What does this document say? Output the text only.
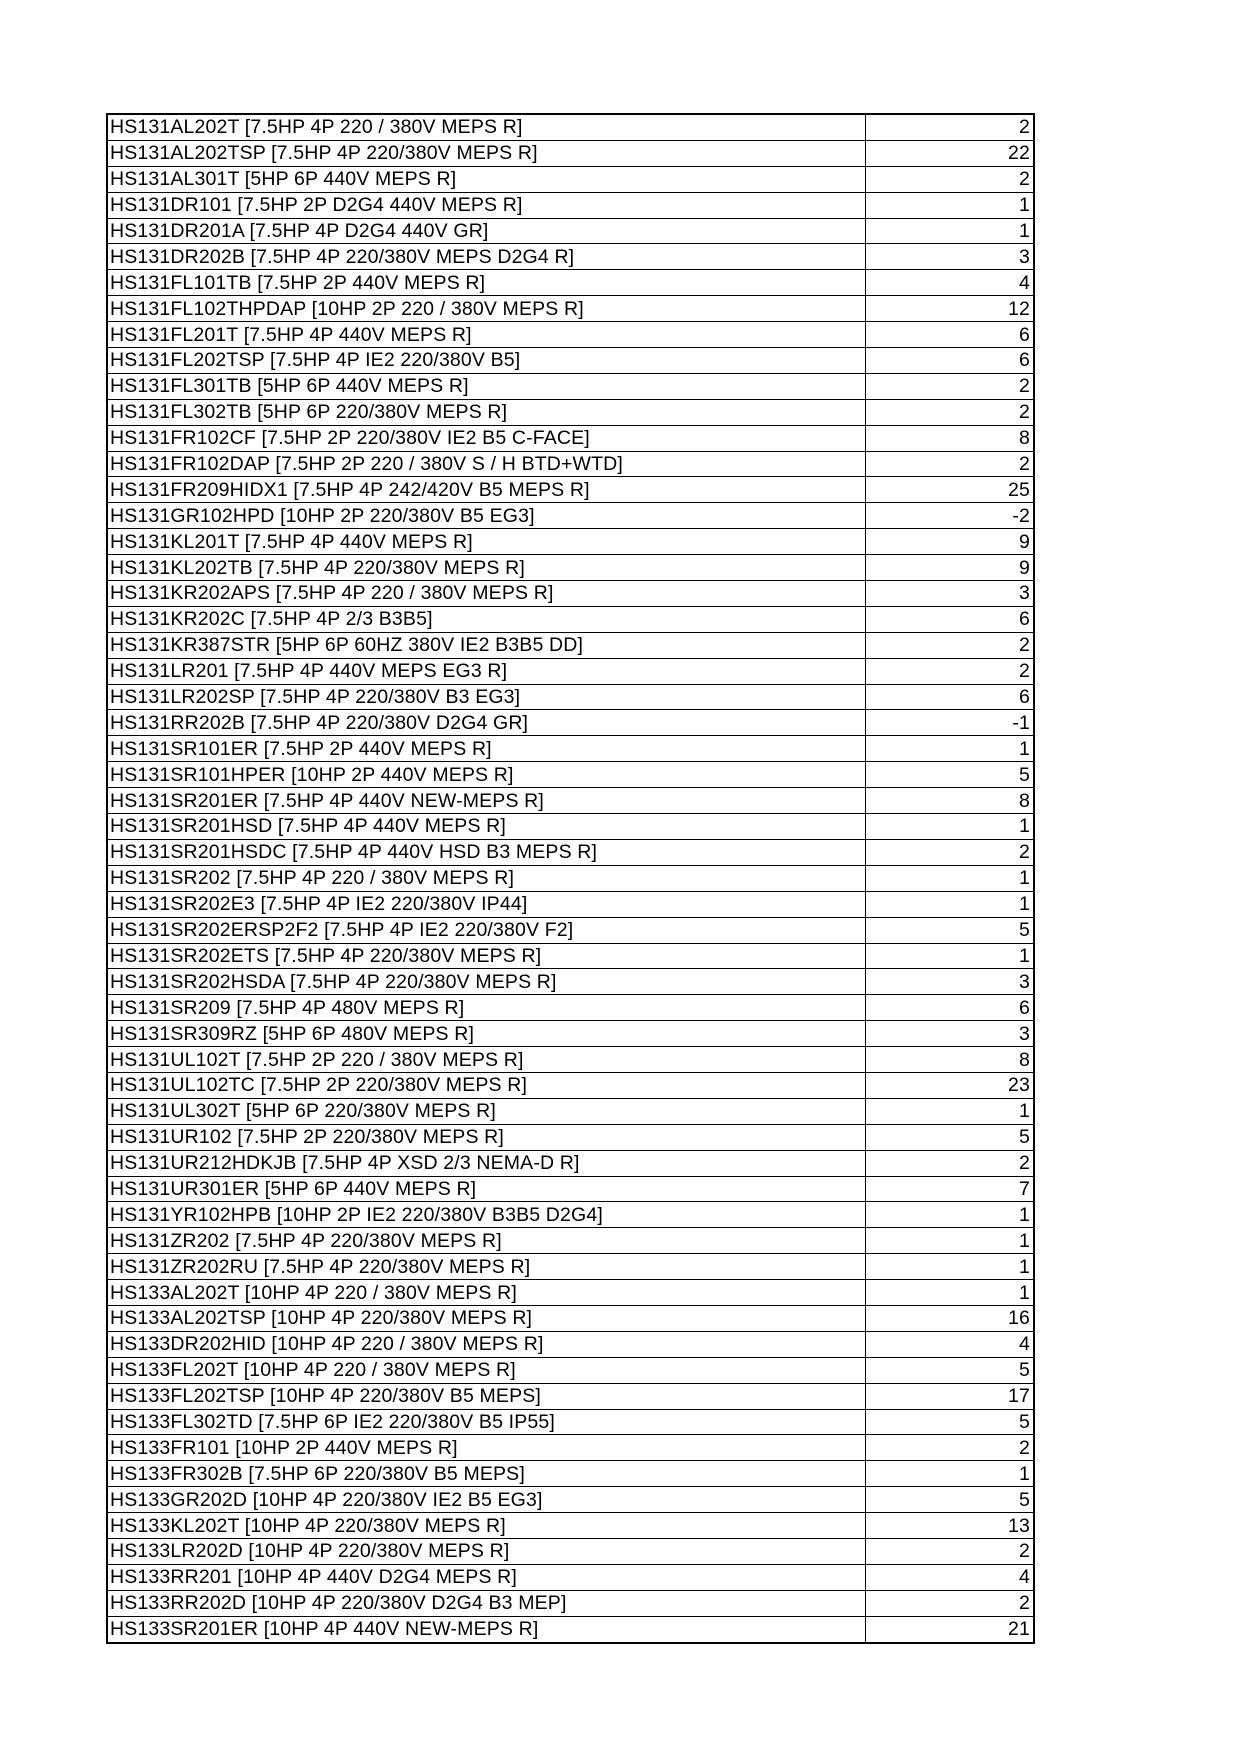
HS131AL202T [7.5HP 4P 220 / 380V MEPS R]	2
HS131AL202TSP [7.5HP 4P 220/380V MEPS R]	22
HS131AL301T [5HP 6P 440V MEPS R]	2
HS131DR101 [7.5HP 2P D2G4 440V MEPS R]	1
HS131DR201A [7.5HP 4P D2G4 440V GR]	1
HS131DR202B [7.5HP 4P 220/380V MEPS D2G4 R]	3
HS131FL101TB [7.5HP 2P 440V MEPS R]	4
HS131FL102THPDAP [10HP 2P 220 / 380V MEPS R]	12
HS131FL201T [7.5HP 4P 440V MEPS R]	6
HS131FL202TSP [7.5HP 4P IE2 220/380V B5]	6
HS131FL301TB [5HP 6P 440V MEPS R]	2
HS131FL302TB [5HP 6P 220/380V MEPS R]	2
HS131FR102CF [7.5HP 2P 220/380V IE2 B5 C-FACE]	8
HS131FR102DAP [7.5HP 2P 220 / 380V S / H BTD+WTD]	2
HS131FR209HIDX1 [7.5HP 4P 242/420V B5 MEPS R]	25
HS131GR102HPD [10HP 2P 220/380V B5 EG3]	-2
HS131KL201T [7.5HP 4P 440V MEPS R]	9
HS131KL202TB [7.5HP 4P 220/380V MEPS R]	9
HS131KR202APS [7.5HP 4P 220 / 380V MEPS R]	3
HS131KR202C [7.5HP 4P 2/3 B3B5]	6
HS131KR387STR [5HP 6P 60HZ 380V IE2 B3B5 DD]	2
HS131LR201 [7.5HP 4P 440V MEPS EG3 R]	2
HS131LR202SP [7.5HP 4P 220/380V B3 EG3]	6
HS131RR202B [7.5HP 4P 220/380V D2G4 GR]	-1
HS131SR101ER [7.5HP 2P 440V MEPS R]	1
HS131SR101HPER [10HP 2P 440V MEPS R]	5
HS131SR201ER [7.5HP 4P 440V NEW-MEPS R]	8
HS131SR201HSD [7.5HP 4P 440V MEPS R]	1
HS131SR201HSDC [7.5HP 4P 440V HSD B3 MEPS R]	2
HS131SR202 [7.5HP 4P 220 / 380V MEPS R]	1
HS131SR202E3 [7.5HP 4P IE2 220/380V IP44]	1
HS131SR202ERSP2F2 [7.5HP 4P IE2 220/380V F2]	5
HS131SR202ETS [7.5HP 4P 220/380V MEPS R]	1
HS131SR202HSDA [7.5HP 4P 220/380V MEPS R]	3
HS131SR209 [7.5HP 4P 480V MEPS R]	6
HS131SR309RZ [5HP 6P 480V MEPS R]	3
HS131UL102T [7.5HP 2P 220 / 380V MEPS R]	8
HS131UL102TC [7.5HP 2P 220/380V MEPS R]	23
HS131UL302T [5HP 6P 220/380V MEPS R]	1
HS131UR102 [7.5HP 2P 220/380V MEPS R]	5
HS131UR212HDKJB [7.5HP 4P XSD 2/3 NEMA-D R]	2
HS131UR301ER [5HP 6P 440V MEPS R]	7
HS131YR102HPB [10HP 2P IE2 220/380V B3B5 D2G4]	1
HS131ZR202 [7.5HP 4P 220/380V MEPS R]	1
HS131ZR202RU [7.5HP 4P 220/380V MEPS R]	1
HS133AL202T [10HP 4P 220 / 380V MEPS R]	1
HS133AL202TSP [10HP 4P 220/380V MEPS R]	16
HS133DR202HID [10HP 4P 220 / 380V MEPS R]	4
HS133FL202T [10HP 4P 220 / 380V MEPS R]	5
HS133FL202TSP [10HP 4P 220/380V B5 MEPS]	17
HS133FL302TD [7.5HP 6P IE2 220/380V B5 IP55]	5
HS133FR101 [10HP 2P 440V MEPS R]	2
HS133FR302B [7.5HP 6P 220/380V B5 MEPS]	1
HS133GR202D [10HP 4P 220/380V IE2 B5 EG3]	5
HS133KL202T [10HP 4P 220/380V MEPS R]	13
HS133LR202D [10HP 4P 220/380V MEPS R]	2
HS133RR201 [10HP 4P 440V D2G4 MEPS R]	4
HS133RR202D [10HP 4P 220/380V D2G4 B3 MEP]	2
HS133SR201ER [10HP 4P 440V NEW-MEPS R]	21
